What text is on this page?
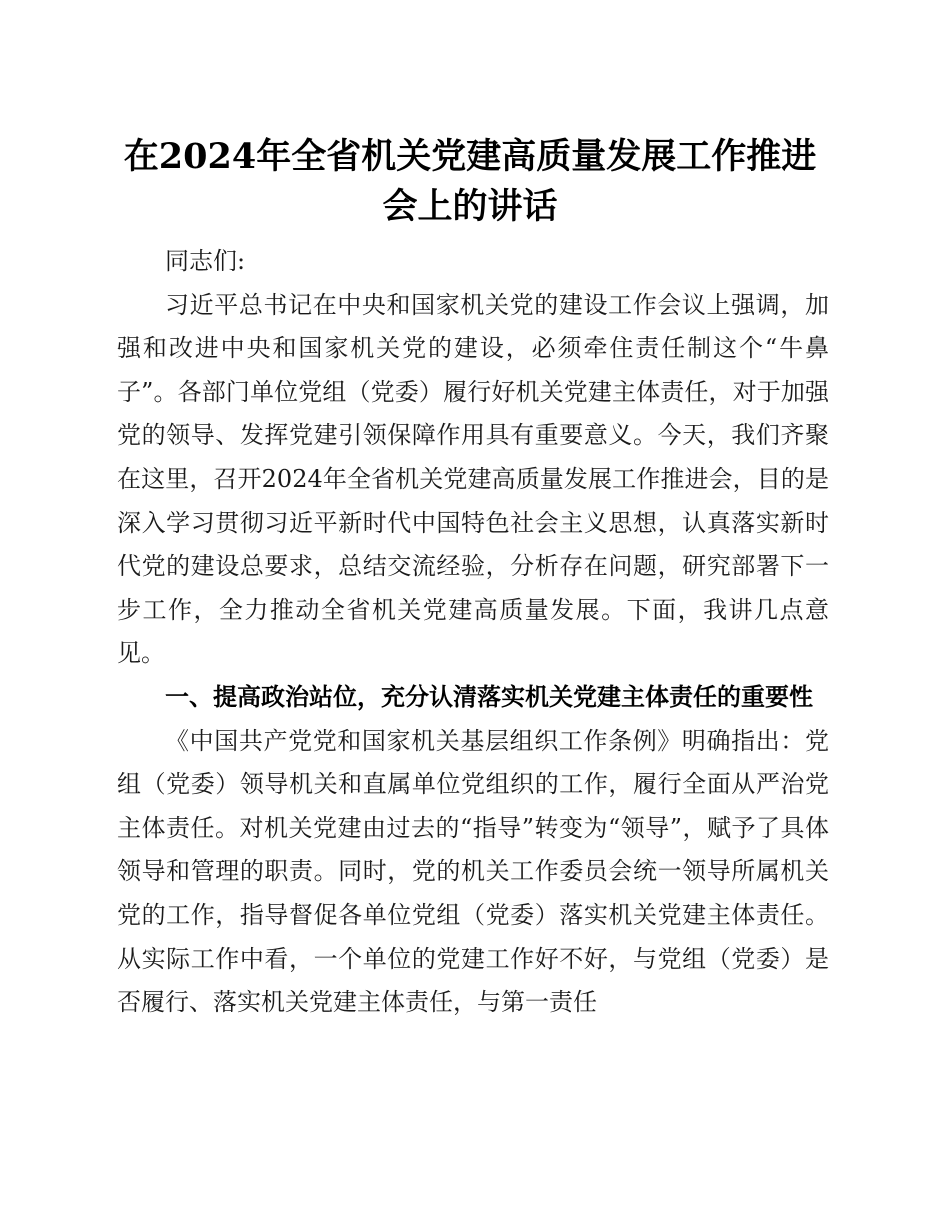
在2024年全省机关党建高质量发展工作推进会上的讲话

同志们:

习近平总书记在中央和国家机关党的建设工作会议上强调，加强和改进中央和国家机关党的建设，必须牵住责任制这个“牛鼻子”。各部门单位党组（党委）履行好机关党建主体责任，对于加强党的领导、发挥党建引领保障作用具有重要意义。今天，我们齐聚在这里，召开2024年全省机关党建高质量发展工作推进会，目的是深入学习贯彻习近平新时代中国特色社会主义思想，认真落实新时代党的建设总要求，总结交流经验，分析存在问题，研究部署下一步工作，全力推动全省机关党建高质量发展。下面，我讲几点意见。

一、提高政治站位，充分认清落实机关党建主体责任的重要性

《中国共产党党和国家机关基层组织工作条例》明确指出：党组（党委）领导机关和直属单位党组织的工作，履行全面从严治党主体责任。对机关党建由过去的“指导”转变为“领导”，赋予了具体领导和管理的职责。同时，党的机关工作委员会统一领导所属机关党的工作，指导督促各单位党组（党委）落实机关党建主体责任。从实际工作中看，一个单位的党建工作好不好，与党组（党委）是否履行、落实机关党建主体责任，与第一责任
